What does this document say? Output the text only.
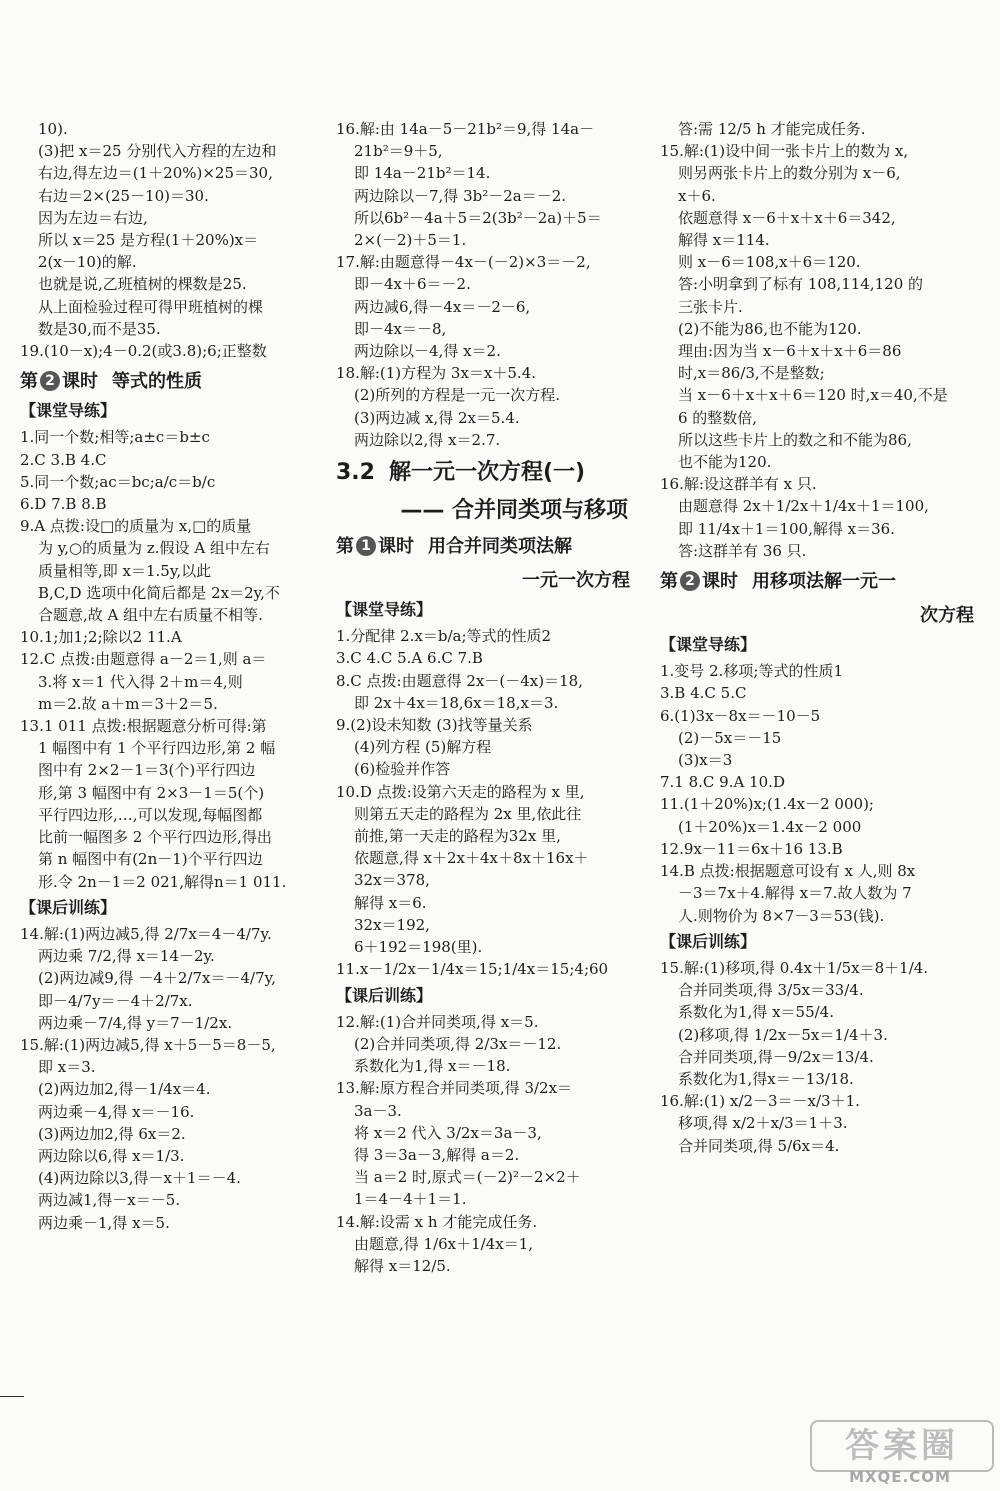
10).
(3)把 x＝25 分别代入方程的左边和
右边,得左边＝(1＋20%)×25＝30,
右边＝2×(25－10)＝30.
因为左边＝右边,
所以 x＝25 是方程(1＋20%)x＝
2(x－10)的解.
也就是说,乙班植树的棵数是25.
从上面检验过程可得甲班植树的棵
数是30,而不是35.
19.(10－x);4－0.2(或3.8);6;正整数
第 2 课时 等式的性质
【课堂导练】
1.同一个数;相等;a±c＝b±c
2.C 3.B 4.C
5.同一个数;ac＝bc;a/c＝b/c
6.D 7.B 8.B
9.A 点拨:设□的质量为 x,□的质量
为 y,○的质量为 z.假设 A 组中左右
质量相等,即 x＝1.5y,以此
B,C,D 选项中化简后都是 2x＝2y,不
合题意,故 A 组中左右质量不相等.
10.1;加1;2;除以2 11.A
12.C 点拨:由题意得 a－2＝1,则 a＝
3.将 x＝1 代入得 2＋m＝4,则
m＝2.故 a＋m＝3＋2＝5.
13.1 011 点拨:根据题意分析可得:第
1 幅图中有 1 个平行四边形,第 2 幅
图中有 2×2－1＝3(个)平行四边
形,第 3 幅图中有 2×3－1＝5(个)
平行四边形,…,可以发现,每幅图都
比前一幅图多 2 个平行四边形,得出
第 n 幅图中有(2n－1)个平行四边
形.令 2n－1＝2 021,解得n＝1 011.
【课后训练】
14.解:(1)两边减5,得 2/7x＝4－4/7y.
两边乘 7/2,得 x＝14－2y.
(2)两边减9,得 －4＋2/7x＝－4/7y,
即－4/7y＝－4＋2/7x.
两边乘－7/4,得 y＝7－1/2x.
15.解:(1)两边减5,得 x＋5－5＝8－5,
即 x＝3.
(2)两边加2,得－1/4x＝4.
两边乘－4,得 x＝－16.
(3)两边加2,得 6x＝2.
两边除以6,得 x＝1/3.
(4)两边除以3,得－x＋1＝－4.
两边减1,得－x＝－5.
两边乘－1,得 x＝5.
16.解:由 14a－5－21b²＝9,得 14a－
21b²＝9＋5,
即 14a－21b²＝14.
两边除以－7,得 3b²－2a＝－2.
所以6b²－4a＋5＝2(3b²－2a)＋5＝
2×(－2)＋5＝1.
17.解:由题意得－4x－(－2)×3＝－2,
即－4x＋6＝－2.
两边减6,得－4x＝－2－6,
即－4x＝－8,
两边除以－4,得 x＝2.
18.解:(1)方程为 3x＝x＋5.4.
(2)所列的方程是一元一次方程.
(3)两边减 x,得 2x＝5.4.
两边除以2,得 x＝2.7.
3.2 解一元一次方程(一)
—— 合并同类项与移项
第 1 课时 用合并同类项法解
一元一次方程
【课堂导练】
1.分配律 2.x＝b/a;等式的性质2
3.C 4.C 5.A 6.C 7.B
8.C 点拨:由题意得 2x－(－4x)＝18,
即 2x＋4x＝18,6x＝18,x＝3.
9.(2)设未知数 (3)找等量关系
(4)列方程 (5)解方程
(6)检验并作答
10.D 点拨:设第六天走的路程为 x 里,
则第五天走的路程为 2x 里,依此往
前推,第一天走的路程为32x 里,
依题意,得 x＋2x＋4x＋8x＋16x＋
32x＝378,
解得 x＝6.
32x＝192,
6＋192＝198(里).
11.x－1/2x－1/4x＝15;1/4x＝15;4;60
【课后训练】
12.解:(1)合并同类项,得 x＝5.
(2)合并同类项,得 2/3x＝－12.
系数化为1,得 x＝－18.
13.解:原方程合并同类项,得 3/2x＝
3a－3.
将 x＝2 代入 3/2x＝3a－3,
得 3＝3a－3,解得 a＝2.
当 a＝2 时,原式＝(－2)²－2×2＋
1＝4－4＋1＝1.
14.解:设需 x h 才能完成任务.
由题意,得 1/6x＋1/4x＝1,
解得 x＝12/5.
答:需 12/5 h 才能完成任务.
15.解:(1)设中间一张卡片上的数为 x,
则另两张卡片上的数分别为 x－6,
x＋6.
依题意得 x－6＋x＋x＋6＝342,
解得 x＝114.
则 x－6＝108,x＋6＝120.
答:小明拿到了标有 108,114,120 的
三张卡片.
(2)不能为86,也不能为120.
理由:因为当 x－6＋x＋x＋6＝86
时,x＝86/3,不是整数;
当 x－6＋x＋x＋6＝120 时,x＝40,不是
6 的整数倍,
所以这些卡片上的数之和不能为86,
也不能为120.
16.解:设这群羊有 x 只.
由题意得 2x＋1/2x＋1/4x＋1＝100,
即 11/4x＋1＝100,解得 x＝36.
答:这群羊有 36 只.
第 2 课时 用移项法解一元一
次方程
【课堂导练】
1.变号 2.移项;等式的性质1
3.B 4.C 5.C
6.(1)3x－8x＝－10－5
(2)－5x＝－15
(3)x＝3
7.1 8.C 9.A 10.D
11.(1＋20%)x;(1.4x－2 000);
(1＋20%)x＝1.4x－2 000
12.9x－11＝6x＋16 13.B
14.B 点拨:根据题意可设有 x 人,则 8x
－3＝7x＋4.解得 x＝7.故人数为 7
人.则物价为 8×7－3＝53(钱).
【课后训练】
15.解:(1)移项,得 0.4x＋1/5x＝8＋1/4.
合并同类项,得 3/5x＝33/4.
系数化为1,得 x＝55/4.
(2)移项,得 1/2x－5x＝1/4＋3.
合并同类项,得－9/2x＝13/4.
系数化为1,得x＝－13/18.
16.解:(1) x/2－3＝－x/3＋1.
移项,得 x/2＋x/3＝1＋3.
合并同类项,得 5/6x＝4.
答案圈
MXQE.COM
